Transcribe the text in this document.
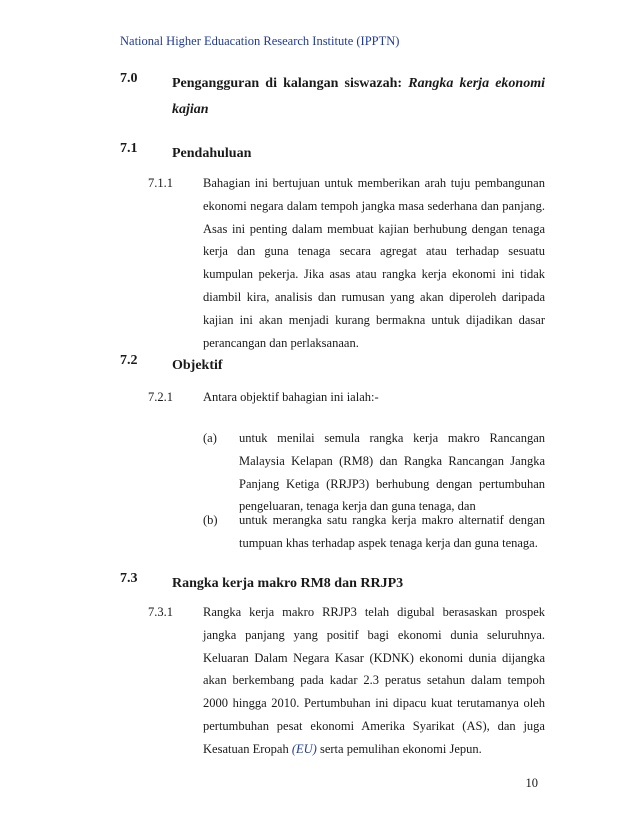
National Higher Eduacation Research Institute (IPPTN)
7.0 Pengangguran di kalangan siswazah: Rangka kerja ekonomi kajian
7.1 Pendahuluan
7.1.1 Bahagian ini bertujuan untuk memberikan arah tuju pembangunan ekonomi negara dalam tempoh jangka masa sederhana dan panjang. Asas ini penting dalam membuat kajian berhubung dengan tenaga kerja dan guna tenaga secara agregat atau terhadap sesuatu kumpulan pekerja. Jika asas atau rangka kerja ekonomi ini tidak diambil kira, analisis dan rumusan yang akan diperoleh daripada kajian ini akan menjadi kurang bermakna untuk dijadikan dasar perancangan dan perlaksanaan.
7.2 Objektif
7.2.1 Antara objektif bahagian ini ialah:-
(a) untuk menilai semula rangka kerja makro Rancangan Malaysia Kelapan (RM8) dan Rangka Rancangan Jangka Panjang Ketiga (RRJP3) berhubung dengan pertumbuhan pengeluaran, tenaga kerja dan guna tenaga, dan
(b) untuk merangka satu rangka kerja makro alternatif dengan tumpuan khas terhadap aspek tenaga kerja dan guna tenaga.
7.3 Rangka kerja makro RM8 dan RRJP3
7.3.1 Rangka kerja makro RRJP3 telah digubal berasaskan prospek jangka panjang yang positif bagi ekonomi dunia seluruhnya. Keluaran Dalam Negara Kasar (KDNK) ekonomi dunia dijangka akan berkembang pada kadar 2.3 peratus setahun dalam tempoh 2000 hingga 2010. Pertumbuhan ini dipacu kuat terutamanya oleh pertumbuhan pesat ekonomi Amerika Syarikat (AS), dan juga Kesatuan Eropah (EU) serta pemulihan ekonomi Jepun.
10
